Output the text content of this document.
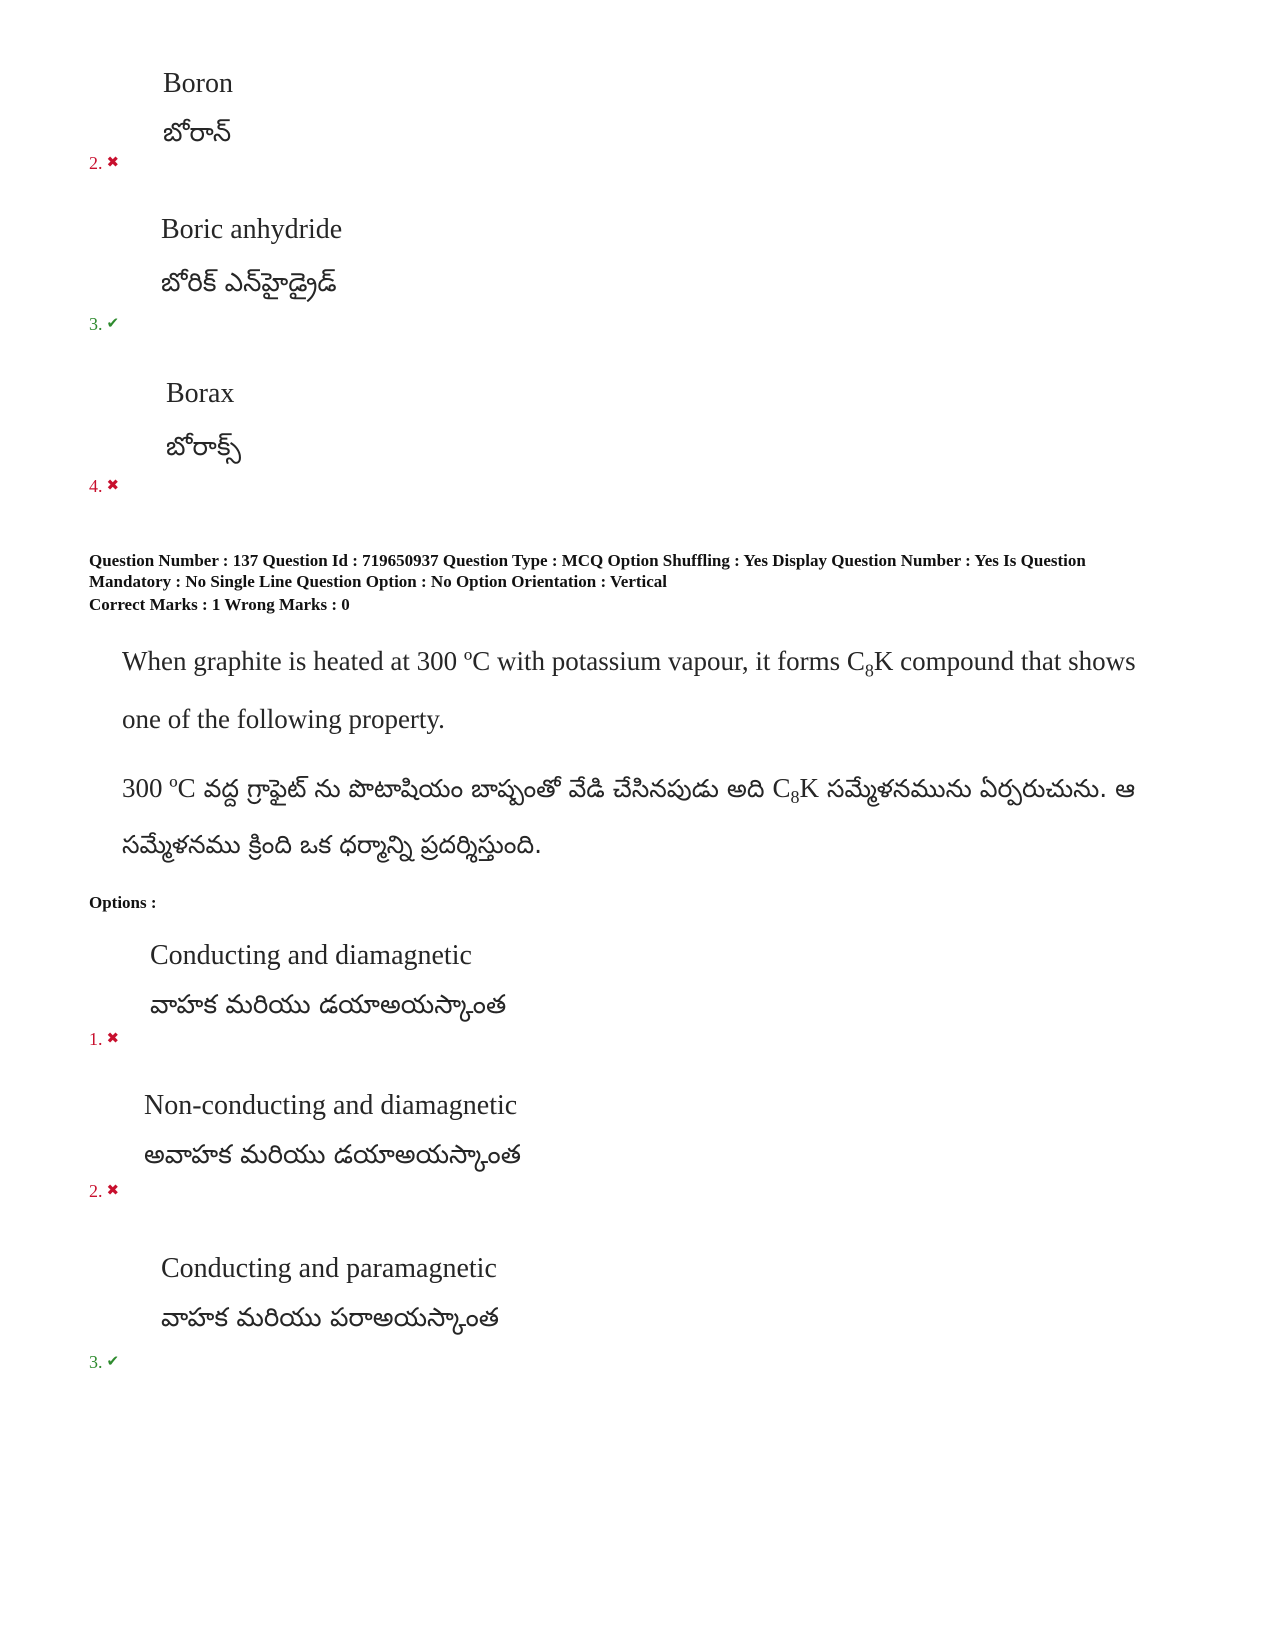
Boron
బోరాన్
2. ✖
Boric anhydride
బోరిక్ ఎన్‌హైడ్రైడ్
3. ✔
Borax
బోరాక్స్
4. ✖
Question Number : 137 Question Id : 719650937 Question Type : MCQ Option Shuffling : Yes Display Question Number : Yes Is Question Mandatory : No Single Line Question Option : No Option Orientation : Vertical
Correct Marks : 1 Wrong Marks : 0
When graphite is heated at 300 ºC with potassium vapour, it forms $C_8K$ compound that shows one of the following property.
300 ºC వద్ద గ్రాఫైట్ ను పొటాషియం బాష్పంతో వేడి చేసినపుడు అది $C_8K$ సమ్మేళనమును ఏర్పరుచును. ఆ సమ్మేళనము క్రింది ఒక ధర్మాన్ని ప్రదర్శిస్తుంది.
Options :
Conducting and diamagnetic
వాహక మరియు డయాఅయస్కాంత
1. ✖
Non-conducting and diamagnetic
అవాహక మరియు డయాఅయస్కాంత
2. ✖
Conducting and paramagnetic
వాహక మరియు పరాఅయస్కాంత
3. ✔
